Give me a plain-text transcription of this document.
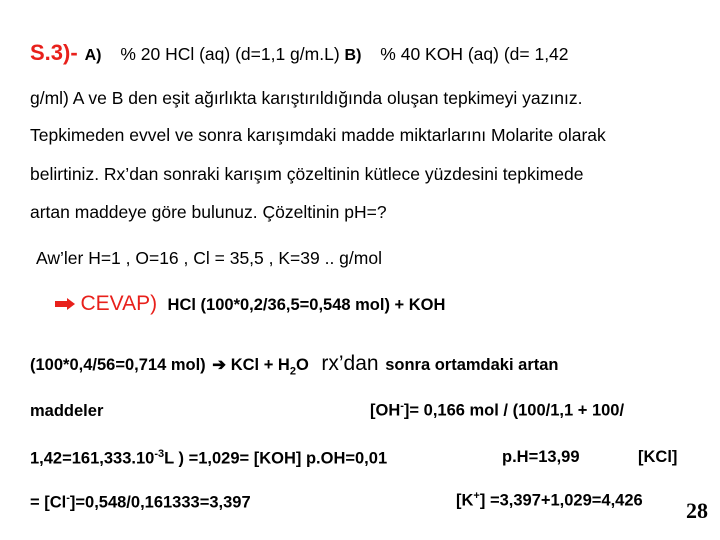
S.3)- A) % 20 HCl (aq) (d=1,1 g/m.L) B) % 40 KOH (aq) (d= 1,42
g/ml) A ve B den eşit ağırlıkta karıştırıldığında oluşan tepkimeyi yazınız.
Tepkimeden evvel ve sonra karışımdaki madde miktarlarını Molarite olarak
belirtiniz. Rx’dan sonraki karışım çözeltinin kütlece yüzdesini tepkimede
artan maddeye göre bulunuz. Çözeltinin pH=?
Aw’ler H=1 , O=16 , Cl = 35,5 , K=39 .. g/mol
CEVAP) HCl (100*0,2/36,5=0,548 mol) + KOH
(100*0,4/56=0,714 mol) ➔ KCl + $H_2O$ rx’dan sonra ortamdaki artan
maddeler	[OH-]= 0,166 mol / (100/1,1 + 100/
$1,42=161,333.10^{-3}L$ ) =1,029= [KOH] p.OH=0,01	p.H=13,99	[KCl]
= [Cl-]=0,548/0,161333=3,397	[K+] =3,397+1,029=4,426 28
